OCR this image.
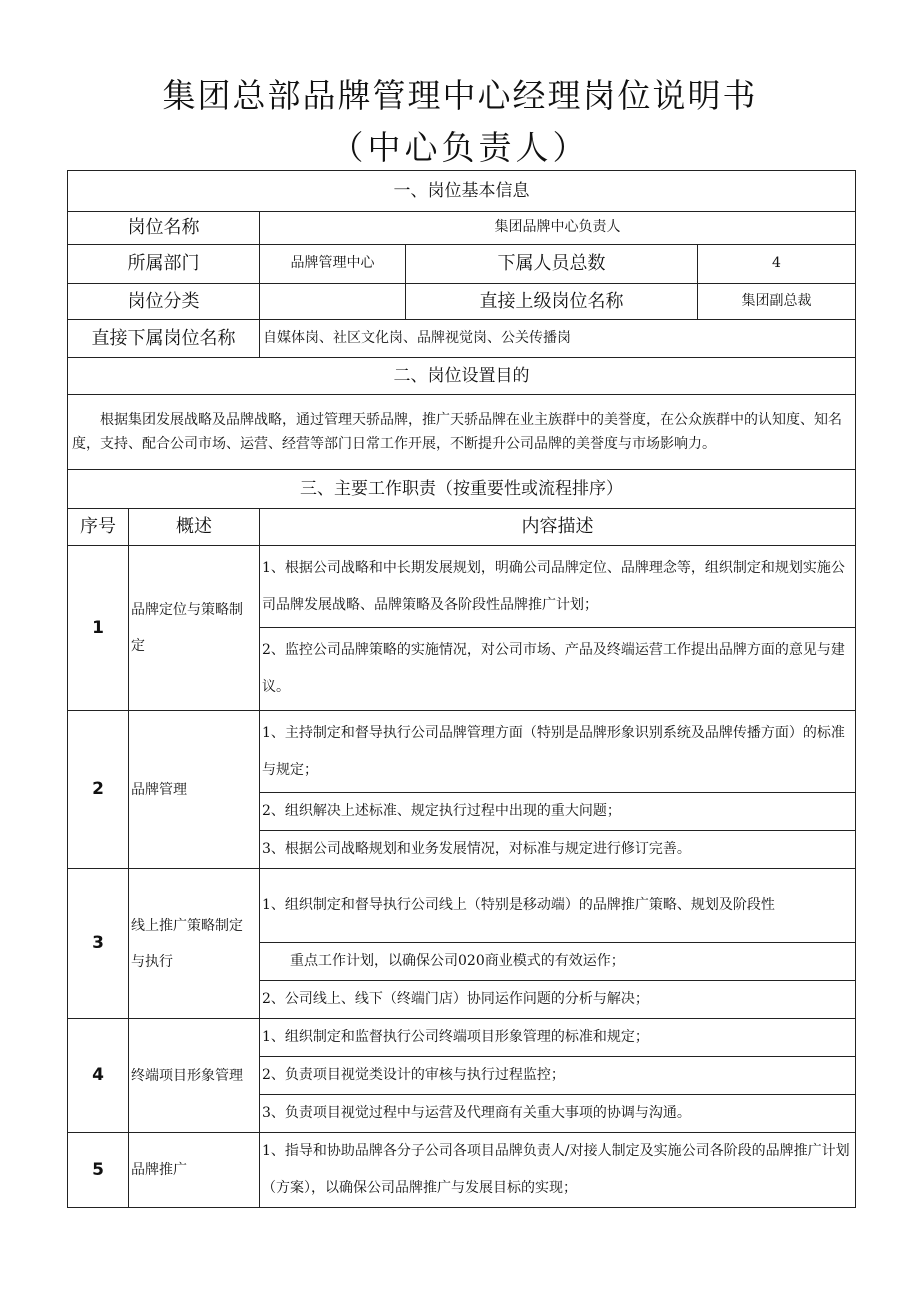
集团总部品牌管理中心经理岗位说明书
（中心负责人）
一、岗位基本信息				
岗位名称		集团品牌中心负责人		
所属部门		品牌管理中心	下属人员总数	4
岗位分类			直接上级岗位名称	集团副总裁
直接下属岗位名称		自媒体岗、社区文化岗、品牌视觉岗、公关传播岗		
二、岗位设置目的				
根据集团发展战略及品牌战略，通过管理天骄品牌，推广天骄品牌在业主族群中的美誉度，在公众族群中的认知度、知名度，支持、配合公司市场、运营、经营等部门日常工作开展，不断提升公司品牌的美誉度与市场影响力。				
三、主要工作职责（按重要性或流程排序）				
序号	概述	内容描述		
1	品牌定位与策略制定	1、根据公司战略和中长期发展规划，明确公司品牌定位、品牌理念等，组织制定和规划实施公司品牌发展战略、品牌策略及各阶段性品牌推广计划；		
		2、监控公司品牌策略的实施情况，对公司市场、产品及终端运营工作提出品牌方面的意见与建议。		
2	品牌管理	1、主持制定和督导执行公司品牌管理方面（特别是品牌形象识别系统及品牌传播方面）的标准与规定；		
		2、组织解决上述标准、规定执行过程中出现的重大问题；		
		3、根据公司战略规划和业务发展情况，对标准与规定进行修订完善。		
3	线上推广策略制定与执行	1、组织制定和督导执行公司线上（特别是移动端）的品牌推广策略、规划及阶段性		
		重点工作计划，以确保公司020商业模式的有效运作；		
		2、公司线上、线下（终端门店）协同运作问题的分析与解决；		
4	终端项目形象管理	1、组织制定和监督执行公司终端项目形象管理的标准和规定；		
		2、负责项目视觉类设计的审核与执行过程监控；		
		3、负责项目视觉过程中与运营及代理商有关重大事项的协调与沟通。		
5	品牌推广	1、指导和协助品牌各分子公司各项目品牌负责人/对接人制定及实施公司各阶段的品牌推广计划（方案），以确保公司品牌推广与发展目标的实现；		
